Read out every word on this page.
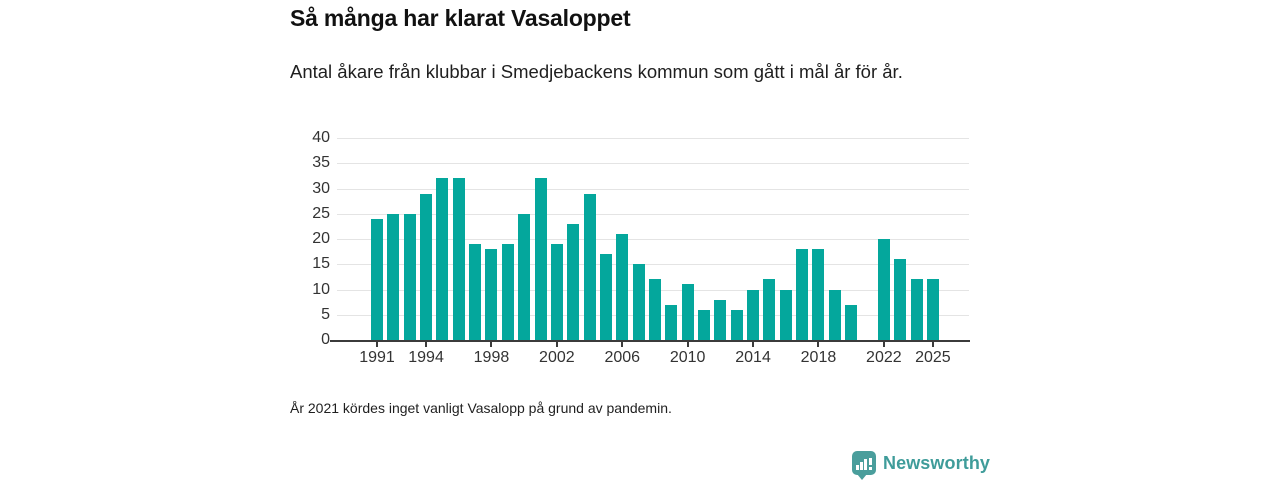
Så många har klarat Vasaloppet

Antal åkare från klubbar i Smedjebackens kommun som gått i mål år för år.

0
5
10
15
20
25
30
35
40
1991 1994	1998	2002	2006	2010	2014	2018	2022 2025

År 2021 kördes inget vanligt Vasalopp på grund av pandemin.

Newsworthy
